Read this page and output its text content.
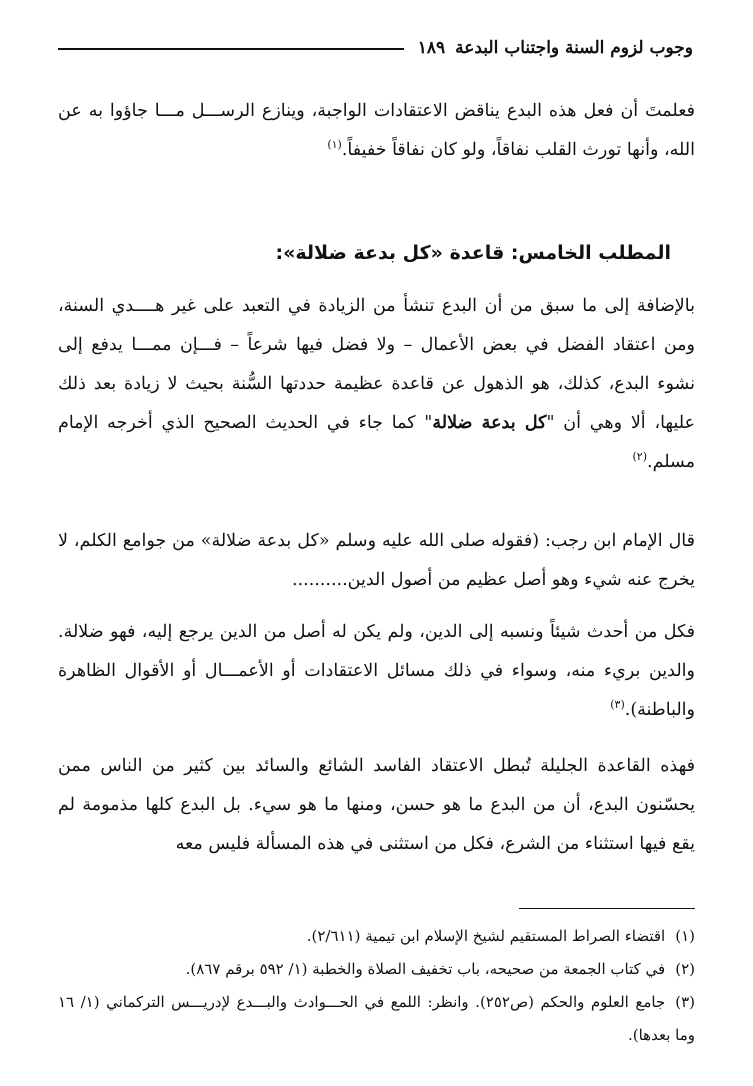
وجوب لزوم السنة واجتناب البدعة
١٨٩

فعلمتَ أن فعل هذه البدع يناقض الاعتقادات الواجبة، وينازع الرســـل مـــا جاؤوا به عن الله، وأنها تورث القلب نفاقاً، ولو كان نفاقاً خفيفاً.$^{(١)}$

المطلب الخامس: قاعدة «كل بدعة ضلالة»:

بالإضافة إلى ما سبق من أن البدع تنشأ من الزيادة في التعبد على غير هــــدي السنة، ومن اعتقاد الفضل في بعض الأعمال – ولا فضل فيها شرعاً – فـــإن ممـــا يدفع إلى نشوء البدع، كذلك، هو الذهول عن قاعدة عظيمة حددتها السُّنة بحيث لا زيادة بعد ذلك عليها، ألا وهي أن "كل بدعة ضلالة" كما جاء في الحديث الصحيح الذي أخرجه الإمام مسلم.$^{(٢)}$

قال الإمام ابن رجب: (فقوله صلى الله عليه وسلم «كل بدعة ضلالة» من جوامع الكلم، لا يخرج عنه شيء وهو أصل عظيم من أصول الدين..........

فكل من أحدث شيئاً ونسبه إلى الدين، ولم يكن له أصل من الدين يرجع إليه، فهو ضلالة. والدين بريء منه، وسواء في ذلك مسائل الاعتقادات أو الأعمـــال أو الأقوال الظاهرة والباطنة).$^{(٣)}$

فهذه القاعدة الجليلة تُبطل الاعتقاد الفاسد الشائع والسائد بين كثير من الناس ممن يحسّنون البدع، أن من البدع ما هو حسن، ومنها ما هو سيء. بل البدع كلها مذمومة لم يقع فيها استثناء من الشرع، فكل من استثنى في هذه المسألة فليس معه

(١)اقتضاء الصراط المستقيم لشيخ الإسلام ابن تيمية (٢/٦١١).

(٢)في كتاب الجمعة من صحيحه، باب تخفيف الصلاة والخطبة (١/ ٥٩٢ برقم ٨٦٧).

(٣)جامع العلوم والحكم (ص٢٥٢). وانظر: اللمع في الحـــوادث والبـــدع لإدريـــس التركماني (١/ ١٦ وما بعدها).
